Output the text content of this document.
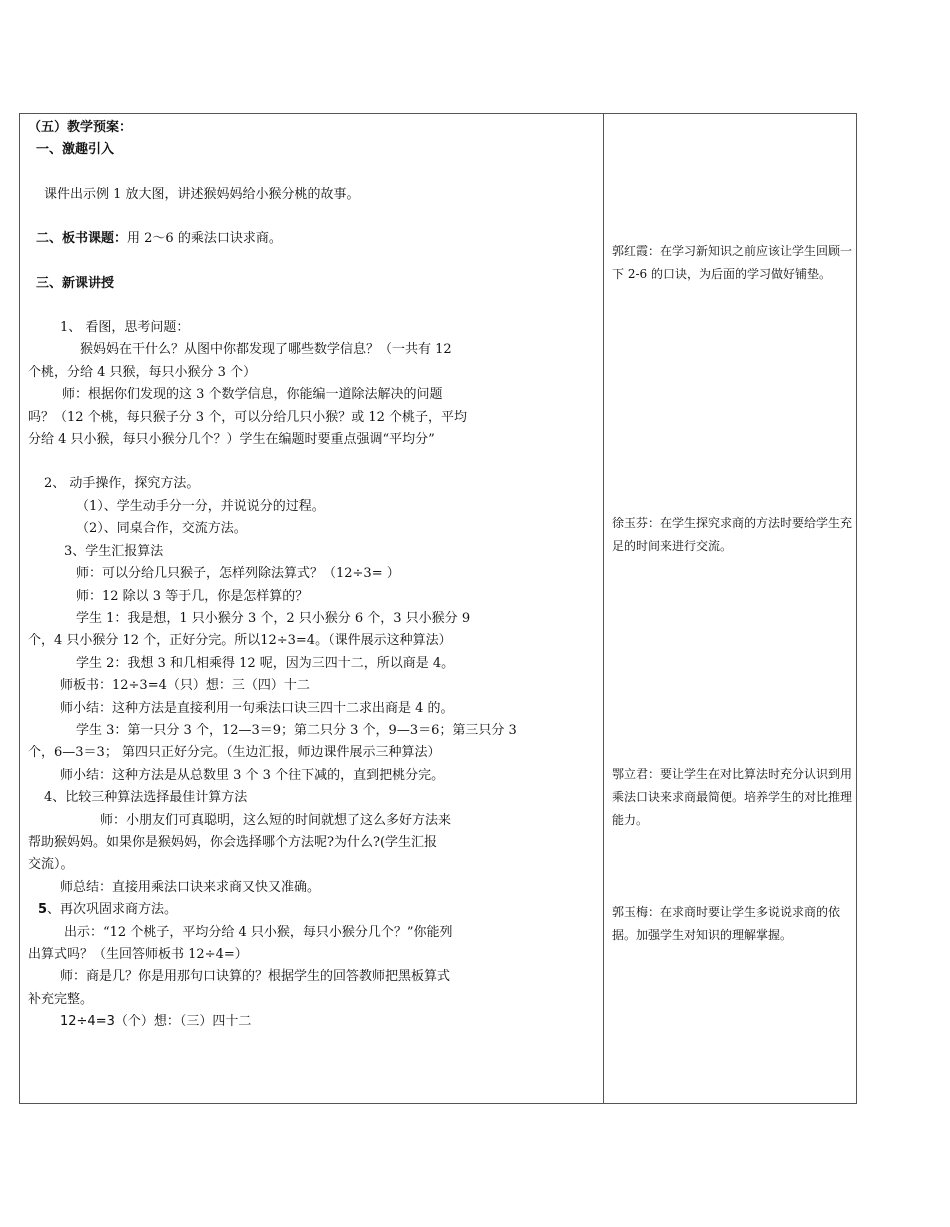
（五）教学预案：
一、激趣引入
课件出示例 1 放大图，讲述猴妈妈给小猴分桃的故事。
二、板书课题：用 2～6 的乘法口诀求商。
三、新课讲授
1、 看图，思考问题：
猴妈妈在干什么？从图中你都发现了哪些数学信息？（一共有 12
个桃，分给 4 只猴，每只小猴分 3 个）
师：根据你们发现的这 3 个数学信息，你能编一道除法解决的问题
吗？（12 个桃，每只猴子分 3 个，可以分给几只小猴？或 12 个桃子，平均
分给 4 只小猴，每只小猴分几个？）学生在编题时要重点强调“平均分”
2、 动手操作，探究方法。
（1）、学生动手分一分，并说说分的过程。
（2）、同桌合作，交流方法。
3、学生汇报算法
师：可以分给几只猴子，怎样列除法算式？（12÷3= ）
师：12 除以 3 等于几，你是怎样算的？
学生 1：我是想，1 只小猴分 3 个，2 只小猴分 6 个，3 只小猴分 9
个，4 只小猴分 12 个，正好分完。所以12÷3=4。（课件展示这种算法）
学生 2：我想 3 和几相乘得 12 呢，因为三四十二，所以商是 4。
师板书：12÷3=4（只）想：三（四）十二
师小结：这种方法是直接利用一句乘法口诀三四十二求出商是 4 的。
学生 3：第一只分 3 个，12—3＝9；第二只分 3 个，9—3＝6；第三只分 3
个，6—3＝3； 第四只正好分完。（生边汇报，师边课件展示三种算法）
师小结：这种方法是从总数里 3 个 3 个往下减的，直到把桃分完。
4、比较三种算法选择最佳计算方法
师：小朋友们可真聪明，这么短的时间就想了这么多好方法来
帮助猴妈妈。如果你是猴妈妈，你会选择哪个方法呢?为什么?(学生汇报
交流）。
师总结：直接用乘法口诀来求商又快又准确。
5、再次巩固求商方法。
出示：“12 个桃子，平均分给 4 只小猴，每只小猴分几个？”你能列
出算式吗？（生回答师板书 12÷4=）
师：商是几？你是用那句口诀算的？根据学生的回答教师把黑板算式
补充完整。
12÷4=3（个）想：（三）四十二
郭红霞：在学习新知识之前应该让学生回顾一下 2-6 的口诀，为后面的学习做好铺垫。
徐玉芬：在学生探究求商的方法时要给学生充足的时间来进行交流。
鄂立君：要让学生在对比算法时充分认识到用乘法口诀来求商最简便。培养学生的对比推理能力。
郭玉梅：在求商时要让学生多说说求商的依据。加强学生对知识的理解掌握。
